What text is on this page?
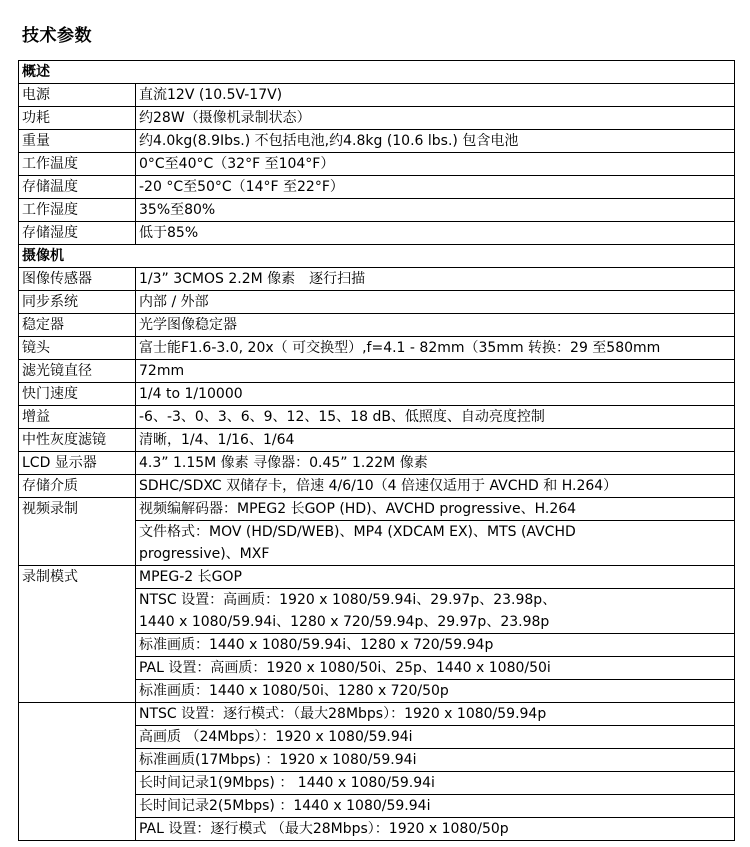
技术参数
概述	
电源	直流12V (10.5V-17V)
功耗	约28W（摄像机录制状态）
重量	约4.0kg(8.9Ibs.) 不包括电池,约4.8kg (10.6 lbs.) 包含电池
工作温度	0°C至40°C（32°F 至104°F）
存储温度	-20 °C至50°C（14°F 至22°F）
工作湿度	35%至80%
存储湿度	低于85%
摄像机	
图像传感器	1/3” 3CMOS 2.2M 像素　逐行扫描
同步系统	内部 / 外部
稳定器	光学图像稳定器
镜头	富士能F1.6-3.0, 20x（ 可交换型）,f=4.1 - 82mm（35mm 转换：29 至580mm
滤光镜直径	72mm
快门速度	1/4 to 1/10000
增益	-6、-3、0、3、6、9、12、15、18 dB、低照度、自动亮度控制
中性灰度滤镜	清晰，1/4、1/16、1/64
LCD 显示器	4.3” 1.15M 像素 寻像器：0.45” 1.22M 像素
存储介质	SDHC/SDXC 双储存卡，倍速 4/6/10（4 倍速仅适用于 AVCHD 和 H.264）
视频录制	视频编解码器：MPEG2 长GOP (HD)、AVCHD progressive、H.264

	文件格式：MOV (HD/SD/WEB)、MP4 (XDCAM EX)、MTS (AVCHD
progressive)、MXF

录制模式	MPEG-2 长GOP

	NTSC 设置：高画质：1920 x 1080/59.94i、29.97p、23.98p、
1440 x 1080/59.94i、1280 x 720/59.94p、29.97p、23.98p

	标准画质：1440 x 1080/59.94i、1280 x 720/59.94p
	PAL 设置：高画质：1920 x 1080/50i、25p、1440 x 1080/50i
	标准画质：1440 x 1080/50i、1280 x 720/50p
	NTSC 设置：逐行模式：（最大28Mbps）：1920 x 1080/59.94p
	高画质 （24Mbps）：1920 x 1080/59.94i
	标准画质(17Mbps) ：1920 x 1080/59.94i
	长时间记录1(9Mbps) ： 1440 x 1080/59.94i
	长时间记录2(5Mbps) ：1440 x 1080/59.94i
	PAL 设置：逐行模式 （最大28Mbps）：1920 x 1080/50p
